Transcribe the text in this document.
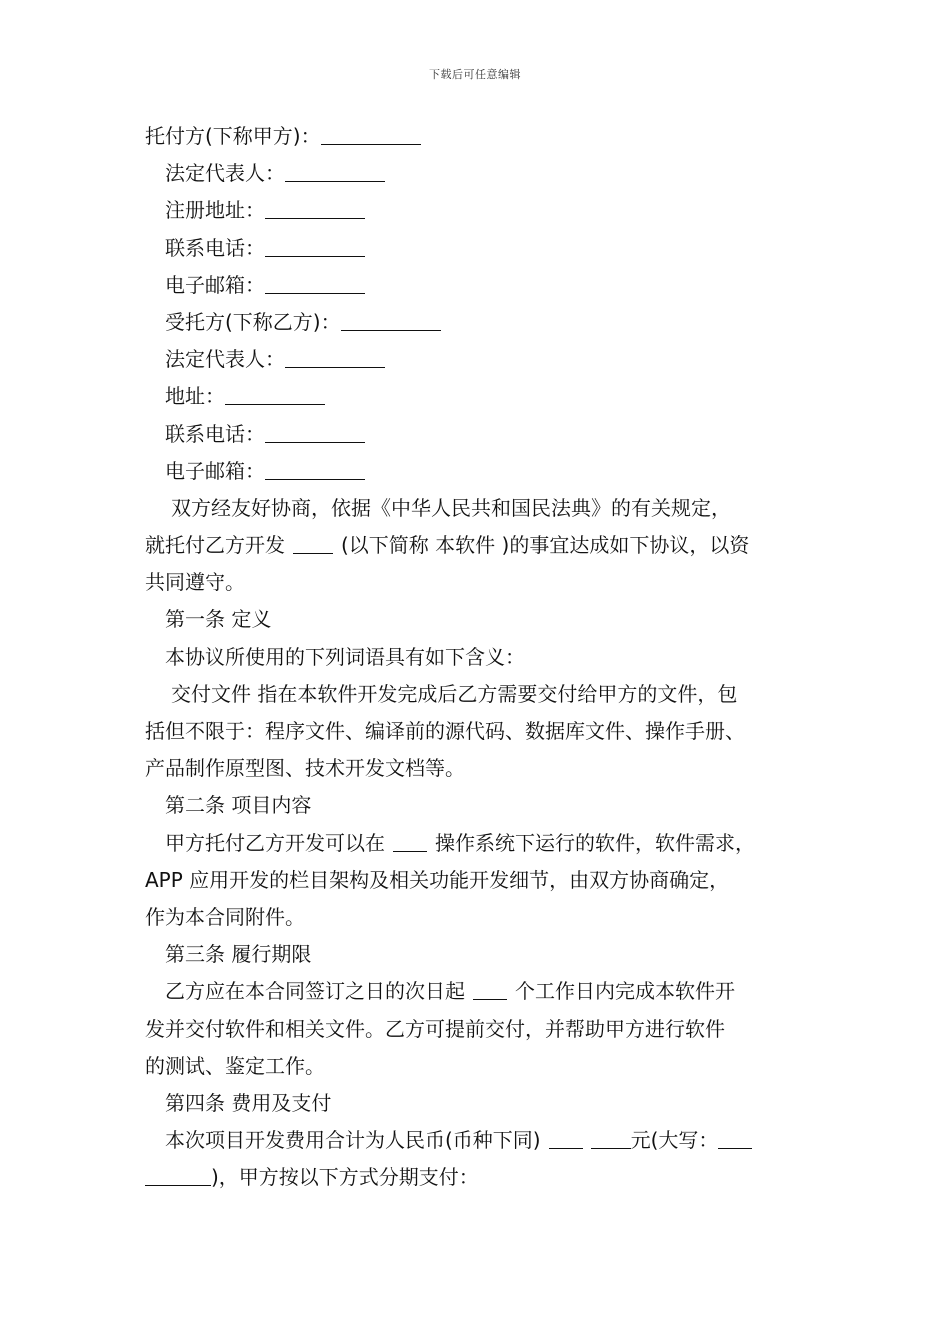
下载后可任意编辑
托付方(下称甲方)：
法定代表人：
注册地址：
联系电话：
电子邮箱：
受托方(下称乙方)：
法定代表人：
地址：
联系电话：
电子邮箱：
双方经友好协商，依据《中华人民共和国民法典》的有关规定，
就托付乙方开发	(以下简称 本软件 )的事宜达成如下协议，以资
共同遵守。
第一条 定义
本协议所使用的下列词语具有如下含义：
交付文件 指在本软件开发完成后乙方需要交付给甲方的文件，包
括但不限于：程序文件、编译前的源代码、数据库文件、操作手册、
产品制作原型图、技术开发文档等。
第二条 项目内容
甲方托付乙方开发可以在	操作系统下运行的软件，软件需求，
APP 应用开发的栏目架构及相关功能开发细节，由双方协商确定，
作为本合同附件。
第三条 履行期限
乙方应在本合同签订之日的次日起	个工作日内完成本软件开
发并交付软件和相关文件。乙方可提前交付，并帮助甲方进行软件
的测试、鉴定工作。
第四条 费用及支付
本次项目开发费用合计为人民币(币种下同)	元(大写：
)，甲方按以下方式分期支付：
